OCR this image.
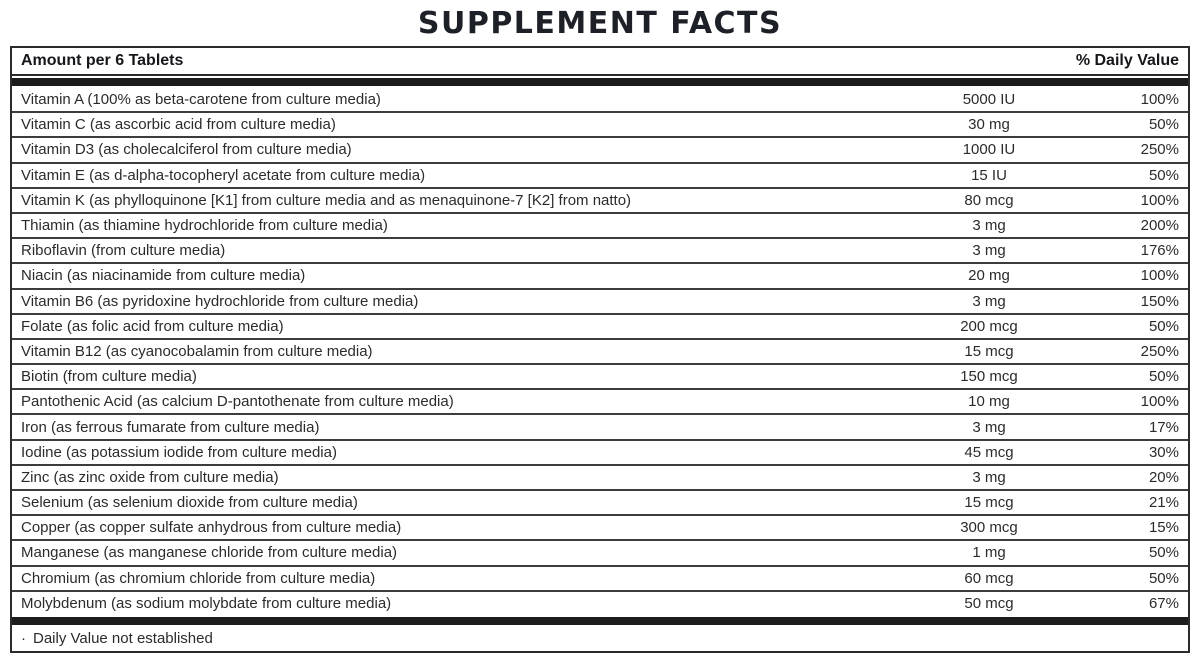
SUPPLEMENT FACTS
Amount per 6 Tablets	% Daily Value
Vitamin A (100% as beta-carotene from culture media)	5000 IU	100%
Vitamin C (as ascorbic acid from culture media)	30 mg	50%
Vitamin D3 (as cholecalciferol from culture media)	1000 IU	250%
Vitamin E (as d-alpha-tocopheryl acetate from culture media)	15 IU	50%
Vitamin K (as phylloquinone [K1] from culture media and as menaquinone-7 [K2] from natto)	80 mcg	100%
Thiamin (as thiamine hydrochloride from culture media)	3 mg	200%
Riboflavin (from culture media)	3 mg	176%
Niacin (as niacinamide from culture media)	20 mg	100%
Vitamin B6 (as pyridoxine hydrochloride from culture media)	3 mg	150%
Folate (as folic acid from culture media)	200 mcg	50%
Vitamin B12 (as cyanocobalamin from culture media)	15 mcg	250%
Biotin (from culture media)	150 mcg	50%
Pantothenic Acid (as calcium D-pantothenate from culture media)	10 mg	100%
Iron (as ferrous fumarate from culture media)	3 mg	17%
Iodine (as potassium iodide from culture media)	45 mcg	30%
Zinc (as zinc oxide from culture media)	3 mg	20%
Selenium (as selenium dioxide from culture media)	15 mcg	21%
Copper (as copper sulfate anhydrous from culture media)	300 mcg	15%
Manganese (as manganese chloride from culture media)	1 mg	50%
Chromium (as chromium chloride from culture media)	60 mcg	50%
Molybdenum (as sodium molybdate from culture media)	50 mcg	67%
· Daily Value not established
